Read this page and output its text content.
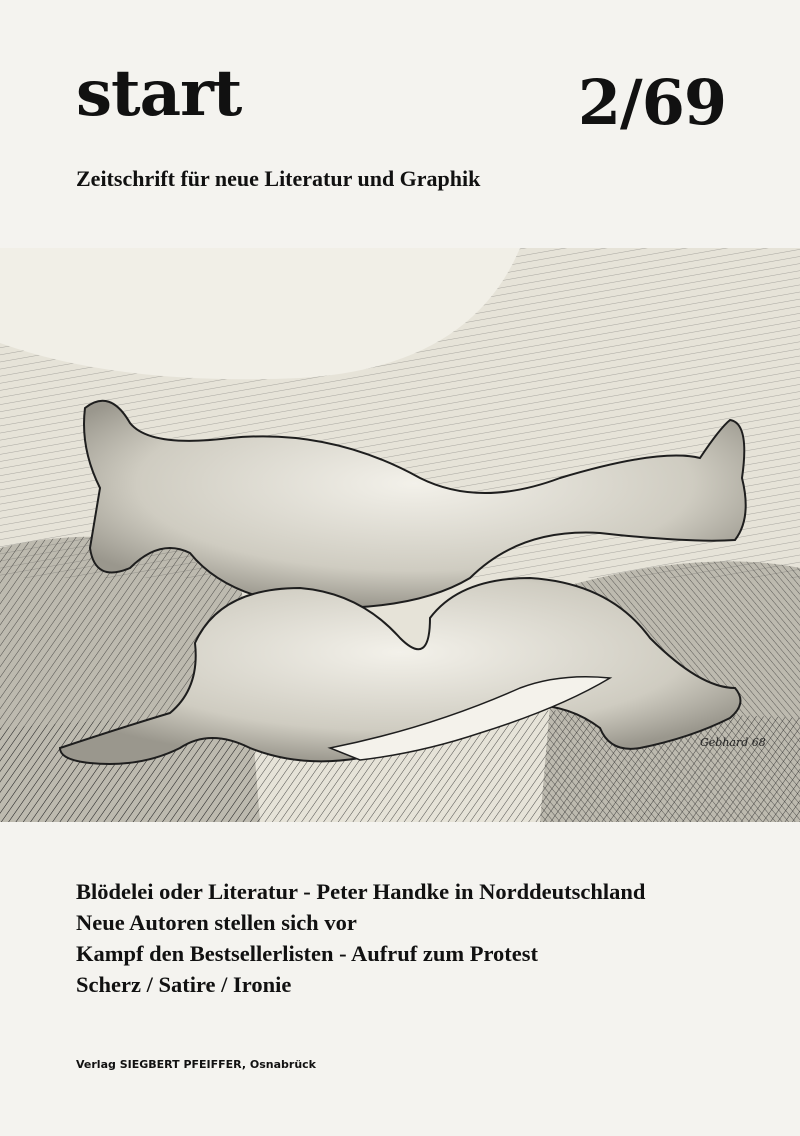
start	2/69
Zeitschrift für neue Literatur und Graphik
Gebhard 68
Blödelei oder Literatur - Peter Handke in Norddeutschland
Neue Autoren stellen sich vor
Kampf den Bestsellerlisten - Aufruf zum Protest
Scherz / Satire / Ironie
Verlag SIEGBERT PFEIFFER, Osnabrück
